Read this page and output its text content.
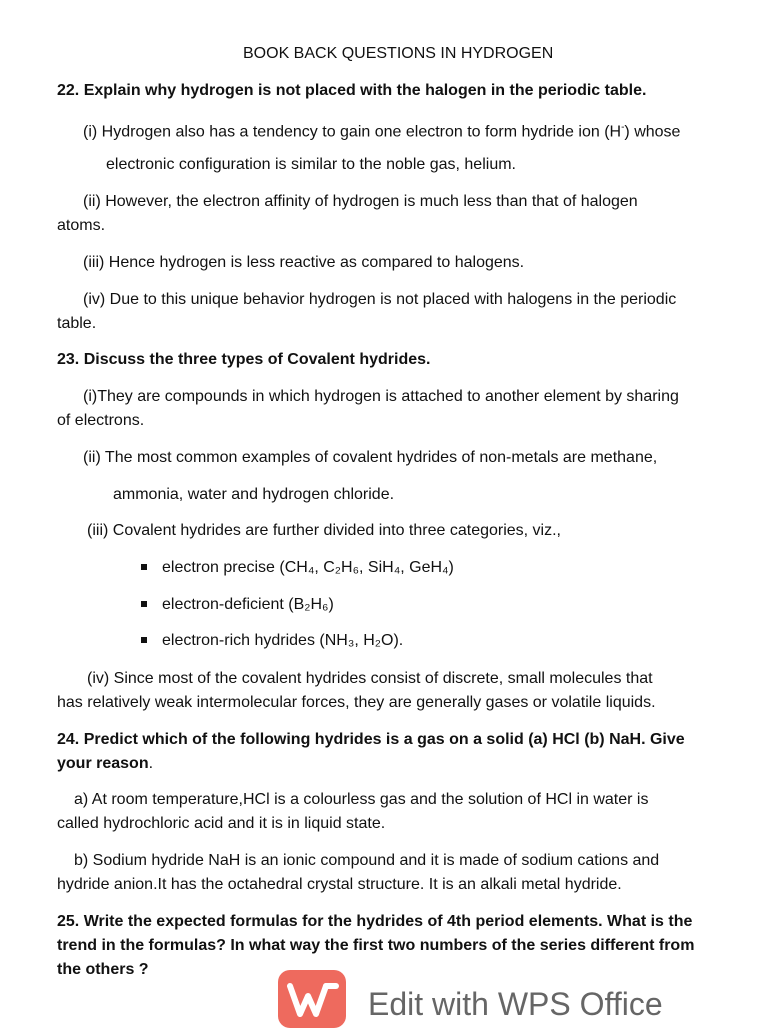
BOOK BACK QUESTIONS IN HYDROGEN
22. Explain why hydrogen is not placed with the halogen in the periodic table.
(i) Hydrogen also has a tendency to gain one electron to form hydride ion (H-) whose
electronic configuration is similar to the noble gas, helium.
(ii) However, the electron affinity of hydrogen is much less than that of halogen
atoms.
(iii) Hence hydrogen is less reactive as compared to halogens.
(iv) Due to this unique behavior hydrogen is not placed with halogens in the periodic
table.
23. Discuss the three types of Covalent hydrides.
(i)They are compounds in which hydrogen is attached to another element by sharing
of electrons.
(ii) The most common examples of covalent hydrides of non-metals are methane,
ammonia, water and hydrogen chloride.
(iii) Covalent hydrides are further divided into three categories, viz.,
electron precise (CH₄, C₂H₆, SiH₄, GeH₄)
electron-deficient (B₂H₆)
electron-rich hydrides (NH₃, H₂O).
(iv) Since most of the covalent hydrides consist of discrete, small molecules that
has relatively weak intermolecular forces, they are generally gases or volatile liquids.
24. Predict which of the following hydrides is a gas on a solid (a) HCl (b) NaH. Give
your reason.
a) At room temperature,HCl is a colourless gas and the solution of HCl in water is
called hydrochloric acid and it is in liquid state.
b) Sodium hydride NaH is an ionic compound and it is made of sodium cations and
hydride anion.It has the octahedral crystal structure. It is an alkali metal hydride.
25. Write the expected formulas for the hydrides of 4th period elements. What is the
trend in the formulas? In what way the first two numbers of the series different from
the others ?
Edit with WPS Office
